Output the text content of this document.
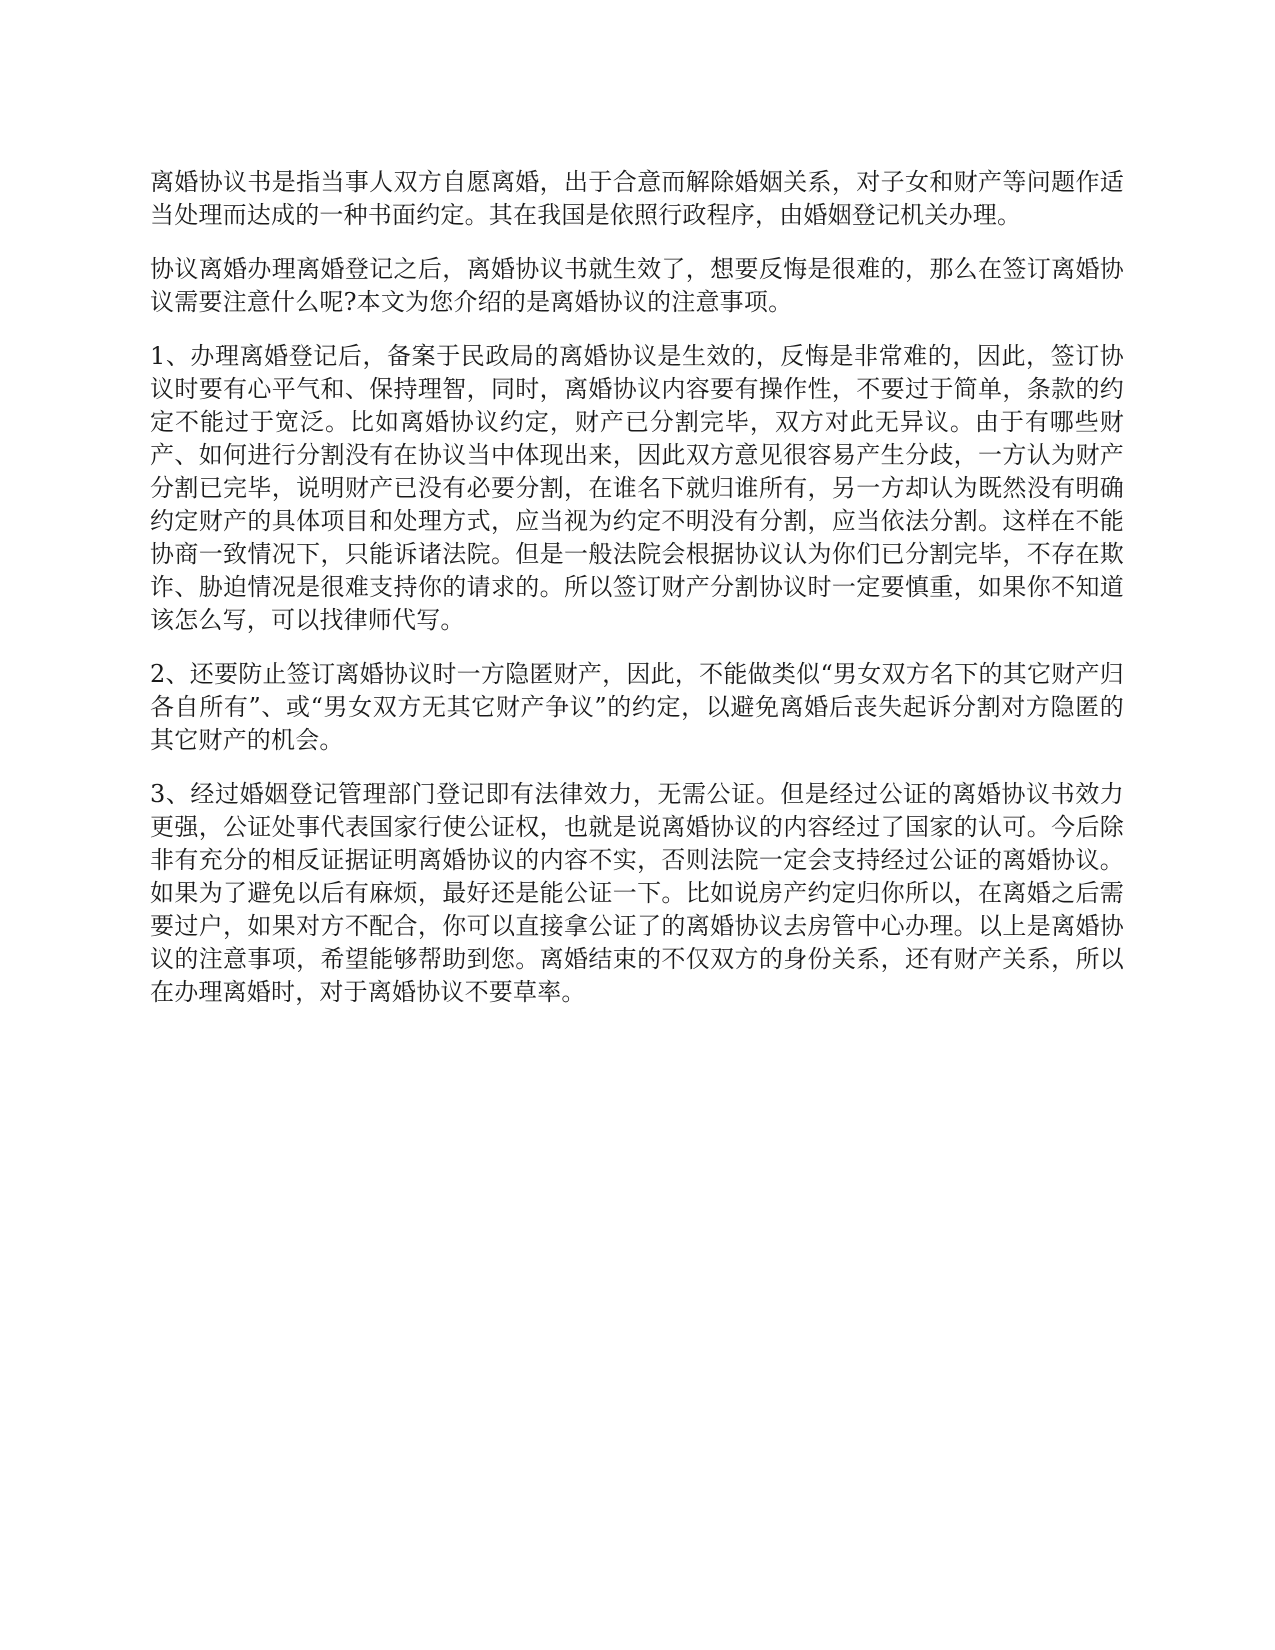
离婚协议书是指当事人双方自愿离婚，出于合意而解除婚姻关系，对子女和财产等问题作适当处理而达成的一种书面约定。其在我国是依照行政程序，由婚姻登记机关办理。

协议离婚办理离婚登记之后，离婚协议书就生效了，想要反悔是很难的，那么在签订离婚协议需要注意什么呢?本文为您介绍的是离婚协议的注意事项。

1、办理离婚登记后，备案于民政局的离婚协议是生效的，反悔是非常难的，因此，签订协议时要有心平气和、保持理智，同时，离婚协议内容要有操作性，不要过于简单，条款的约定不能过于宽泛。比如离婚协议约定，财产已分割完毕，双方对此无异议。由于有哪些财产、如何进行分割没有在协议当中体现出来，因此双方意见很容易产生分歧，一方认为财产分割已完毕，说明财产已没有必要分割，在谁名下就归谁所有，另一方却认为既然没有明确约定财产的具体项目和处理方式，应当视为约定不明没有分割，应当依法分割。这样在不能协商一致情况下，只能诉诸法院。但是一般法院会根据协议认为你们已分割完毕，不存在欺诈、胁迫情况是很难支持你的请求的。所以签订财产分割协议时一定要慎重，如果你不知道该怎么写，可以找律师代写。

2、还要防止签订离婚协议时一方隐匿财产，因此，不能做类似“男女双方名下的其它财产归各自所有”、或“男女双方无其它财产争议”的约定，以避免离婚后丧失起诉分割对方隐匿的其它财产的机会。

3、经过婚姻登记管理部门登记即有法律效力，无需公证。但是经过公证的离婚协议书效力更强，公证处事代表国家行使公证权，也就是说离婚协议的内容经过了国家的认可。今后除非有充分的相反证据证明离婚协议的内容不实，否则法院一定会支持经过公证的离婚协议。如果为了避免以后有麻烦，最好还是能公证一下。比如说房产约定归你所以，在离婚之后需要过户，如果对方不配合，你可以直接拿公证了的离婚协议去房管中心办理。以上是离婚协议的注意事项，希望能够帮助到您。离婚结束的不仅双方的身份关系，还有财产关系，所以在办理离婚时，对于离婚协议不要草率。
